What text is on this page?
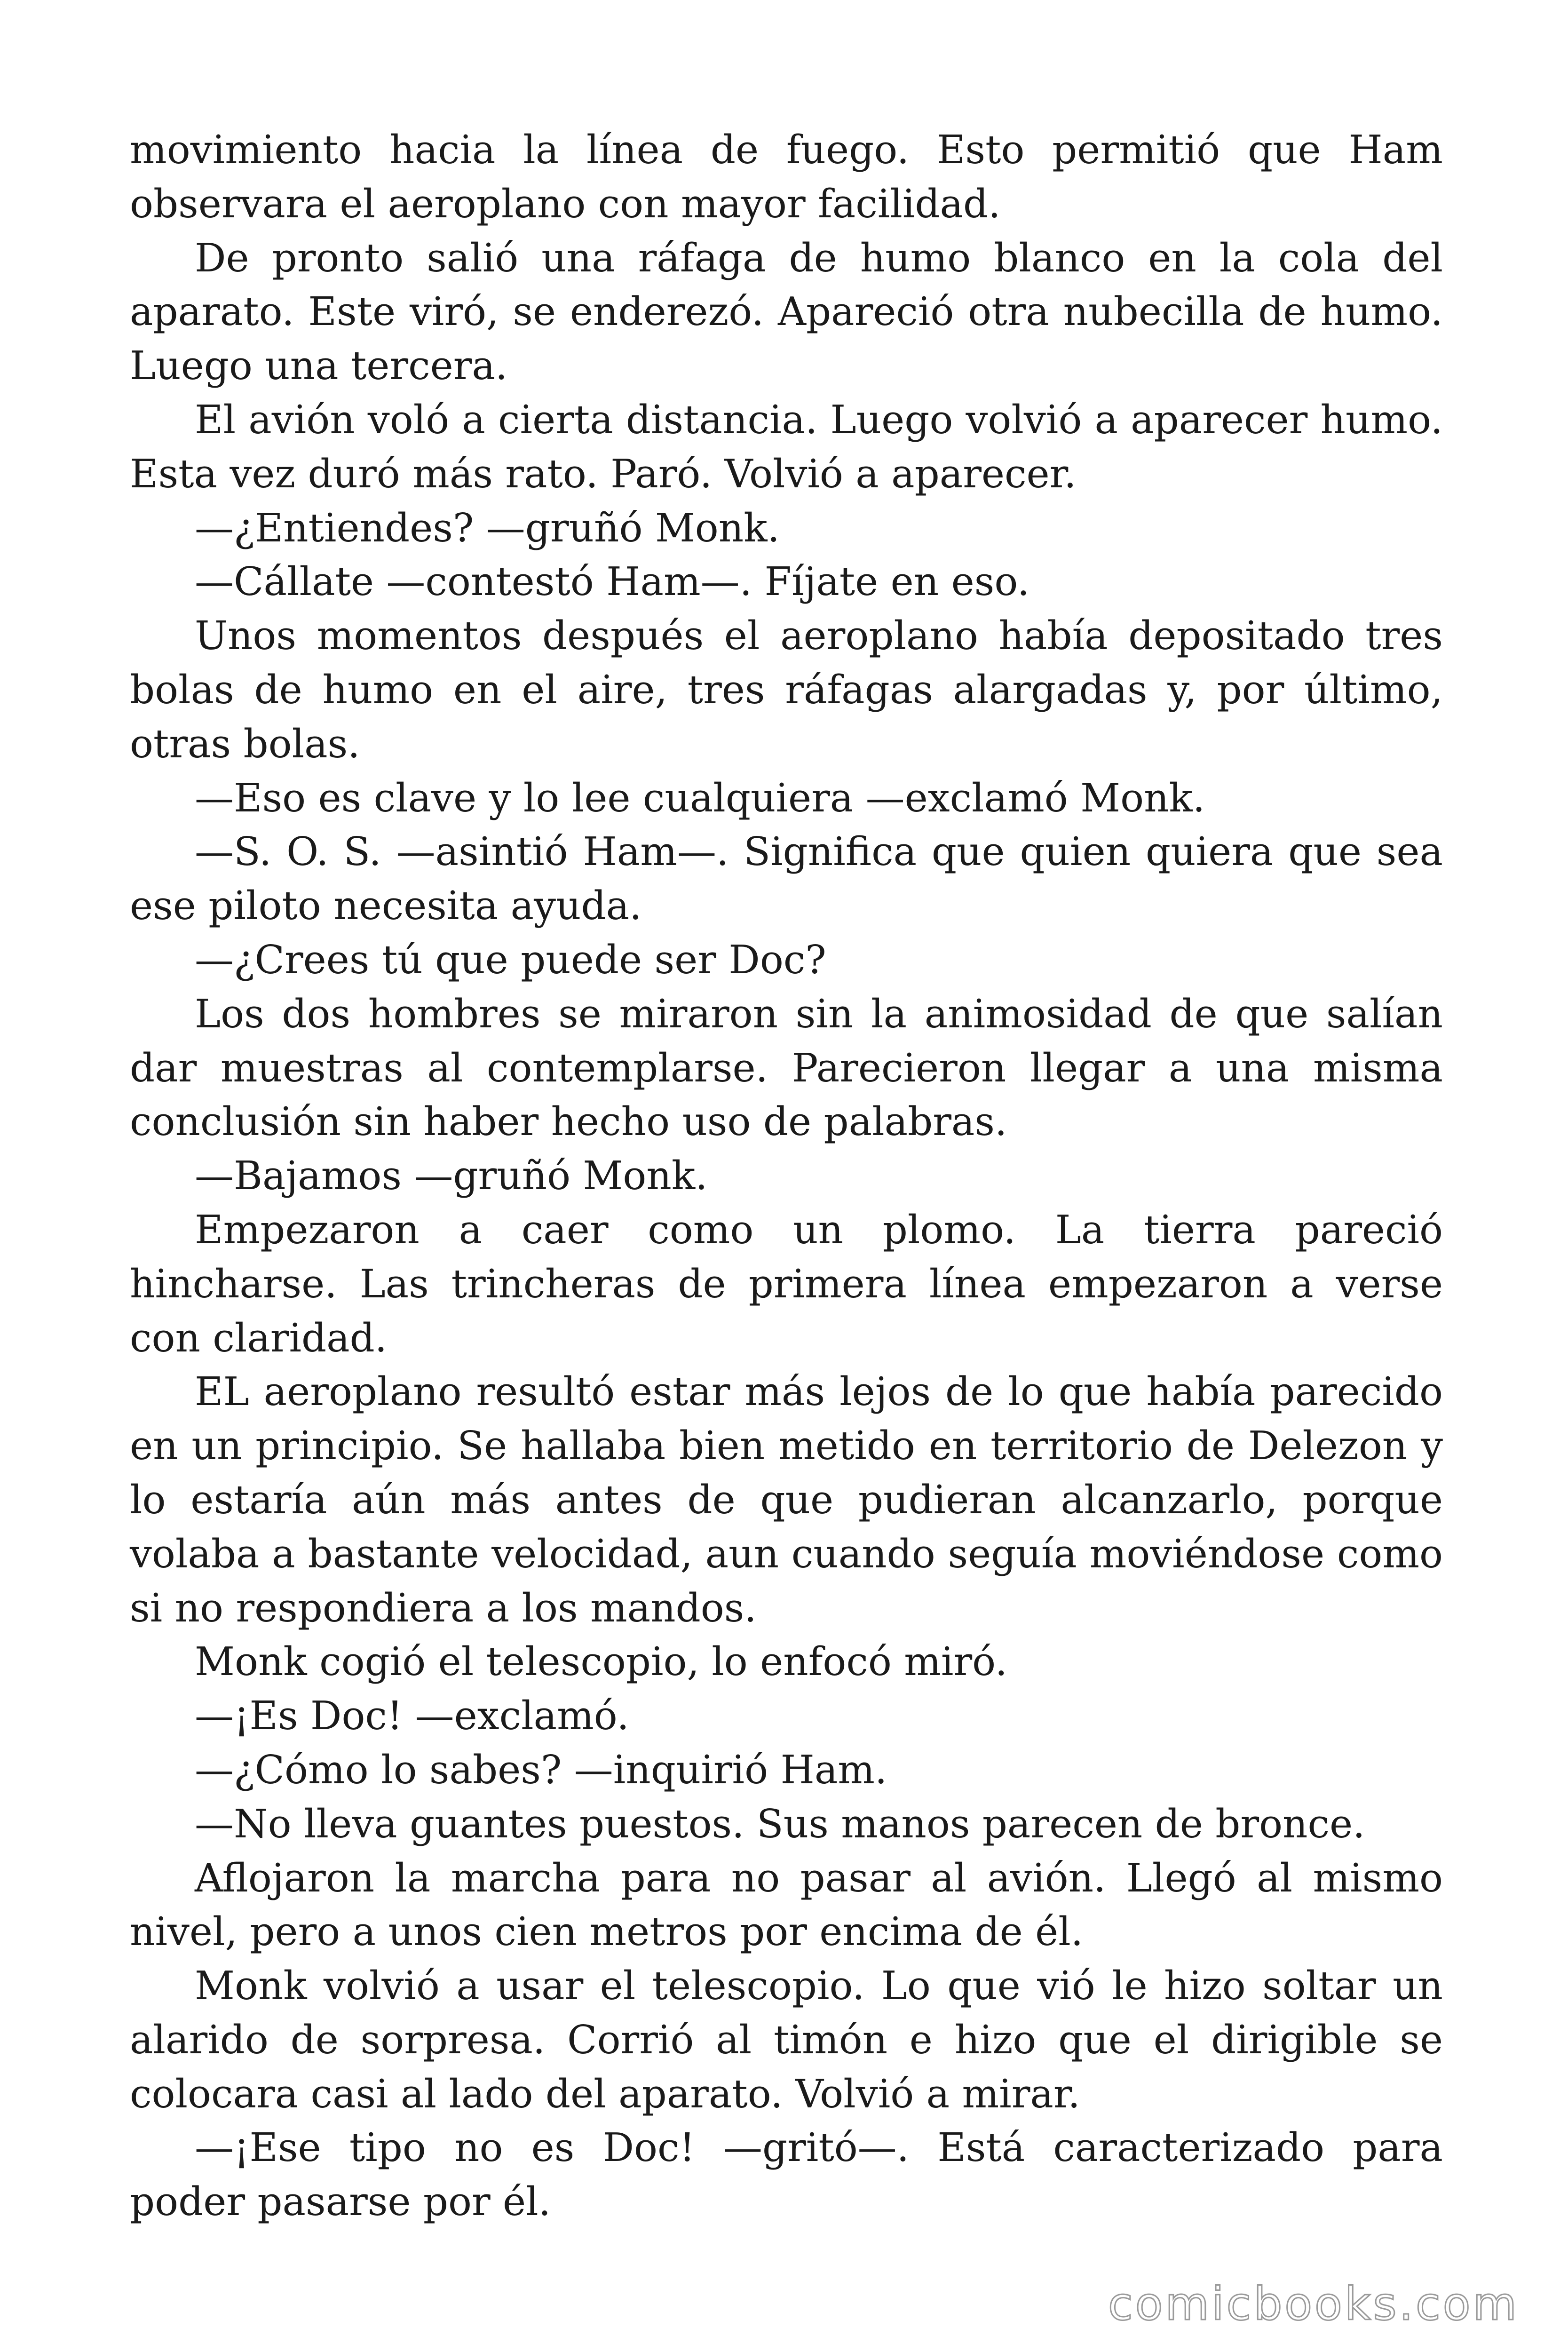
movimiento hacia la línea de fuego. Esto permitió que Ham observara el aeroplano con mayor facilidad.

De pronto salió una ráfaga de humo blanco en la cola del aparato. Este viró, se enderezó. Apareció otra nubecilla de humo. Luego una tercera.

El avión voló a cierta distancia. Luego volvió a aparecer humo. Esta vez duró más rato. Paró. Volvió a aparecer.

—¿Entiendes? —gruñó Monk.

—Cállate —contestó Ham—. Fíjate en eso.

Unos momentos después el aeroplano había depositado tres bolas de humo en el aire, tres ráfagas alargadas y, por último, otras bolas.

—Eso es clave y lo lee cualquiera —exclamó Monk.

—S. O. S. —asintió Ham—. Significa que quien quiera que sea ese piloto necesita ayuda.

—¿Crees tú que puede ser Doc?

Los dos hombres se miraron sin la animosidad de que salían dar muestras al contemplarse. Parecieron llegar a una misma conclusión sin haber hecho uso de palabras.

—Bajamos —gruñó Monk.

Empezaron a caer como un plomo. La tierra pareció hincharse. Las trincheras de primera línea empezaron a verse con claridad.

EL aeroplano resultó estar más lejos de lo que había parecido en un principio. Se hallaba bien metido en territorio de Delezon y lo estaría aún más antes de que pudieran alcanzarlo, porque volaba a bastante velocidad, aun cuando seguía moviéndose como si no respondiera a los mandos.

Monk cogió el telescopio, lo enfocó miró.

—¡Es Doc! —exclamó.

—¿Cómo lo sabes? —inquirió Ham.

—No lleva guantes puestos. Sus manos parecen de bronce.

Aflojaron la marcha para no pasar al avión. Llegó al mismo nivel, pero a unos cien metros por encima de él.

Monk volvió a usar el telescopio. Lo que vió le hizo soltar un alarido de sorpresa. Corrió al timón e hizo que el dirigible se colocara casi al lado del aparato. Volvió a mirar.

—¡Ese tipo no es Doc! —gritó—. Está caracterizado para poder pasarse por él.

comicbooks.com
